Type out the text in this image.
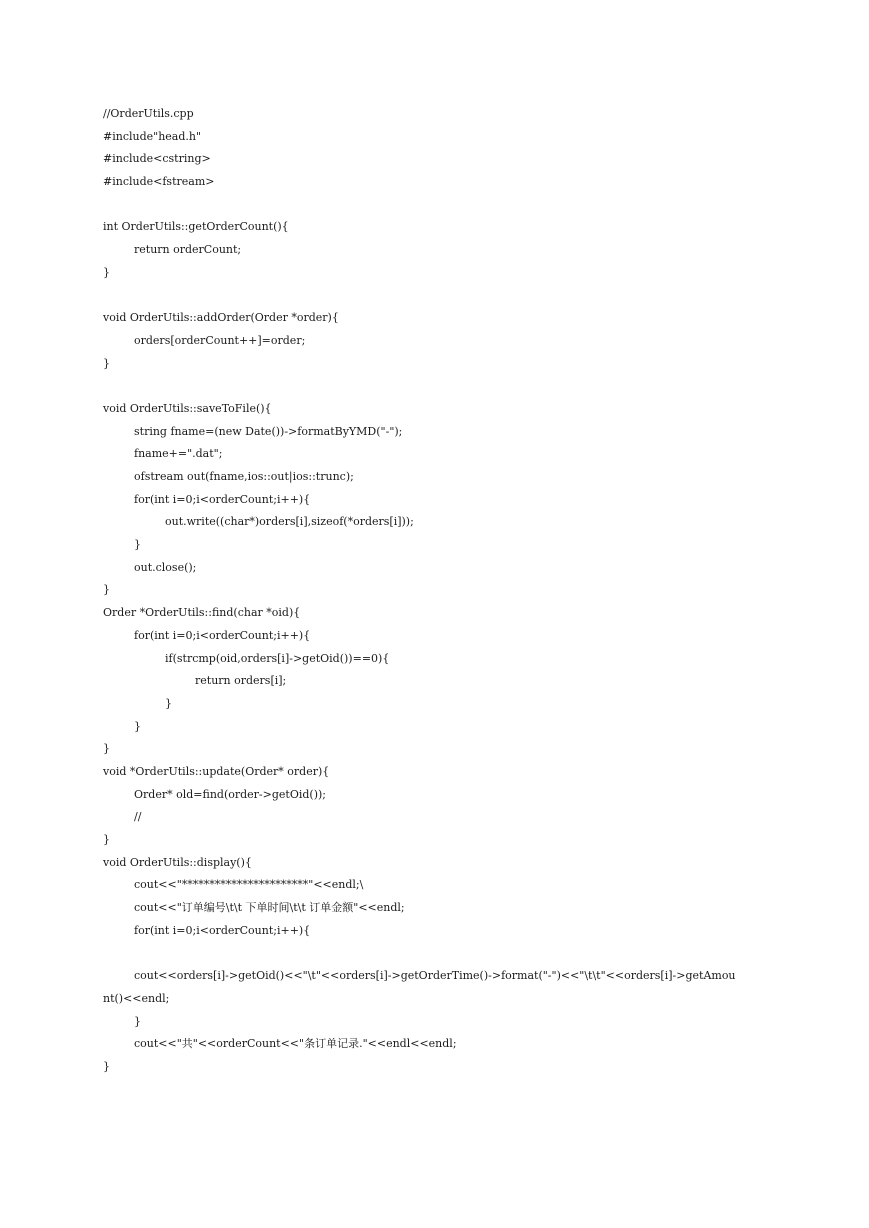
//OrderUtils.cpp
#include"head.h"
#include<cstring>
#include<fstream>
int OrderUtils::getOrderCount(){
return orderCount;
}
void OrderUtils::addOrder(Order *order){
orders[orderCount++]=order;
}
void OrderUtils::saveToFile(){
string fname=(new Date())->formatByYMD("-");
fname+=".dat";
ofstream out(fname,ios::out|ios::trunc);
for(int i=0;i<orderCount;i++){
out.write((char*)orders[i],sizeof(*orders[i]));
}
out.close();
}
Order *OrderUtils::find(char *oid){
for(int i=0;i<orderCount;i++){
if(strcmp(oid,orders[i]->getOid())==0){
return orders[i];
}
}
}
void *OrderUtils::update(Order* order){
Order* old=find(order->getOid());
//
}
void OrderUtils::display(){
cout<<"***********************"<<endl;\
cout<<"订单编号\t\t 下单时间\t\t 订单金额"<<endl;
for(int i=0;i<orderCount;i++){
cout<<orders[i]->getOid()<<"\t"<<orders[i]->getOrderTime()->format("-")<<"\t\t"<<orders[i]->getAmou
nt()<<endl;
}
cout<<"共"<<orderCount<<"条订单记录."<<endl<<endl;
}
